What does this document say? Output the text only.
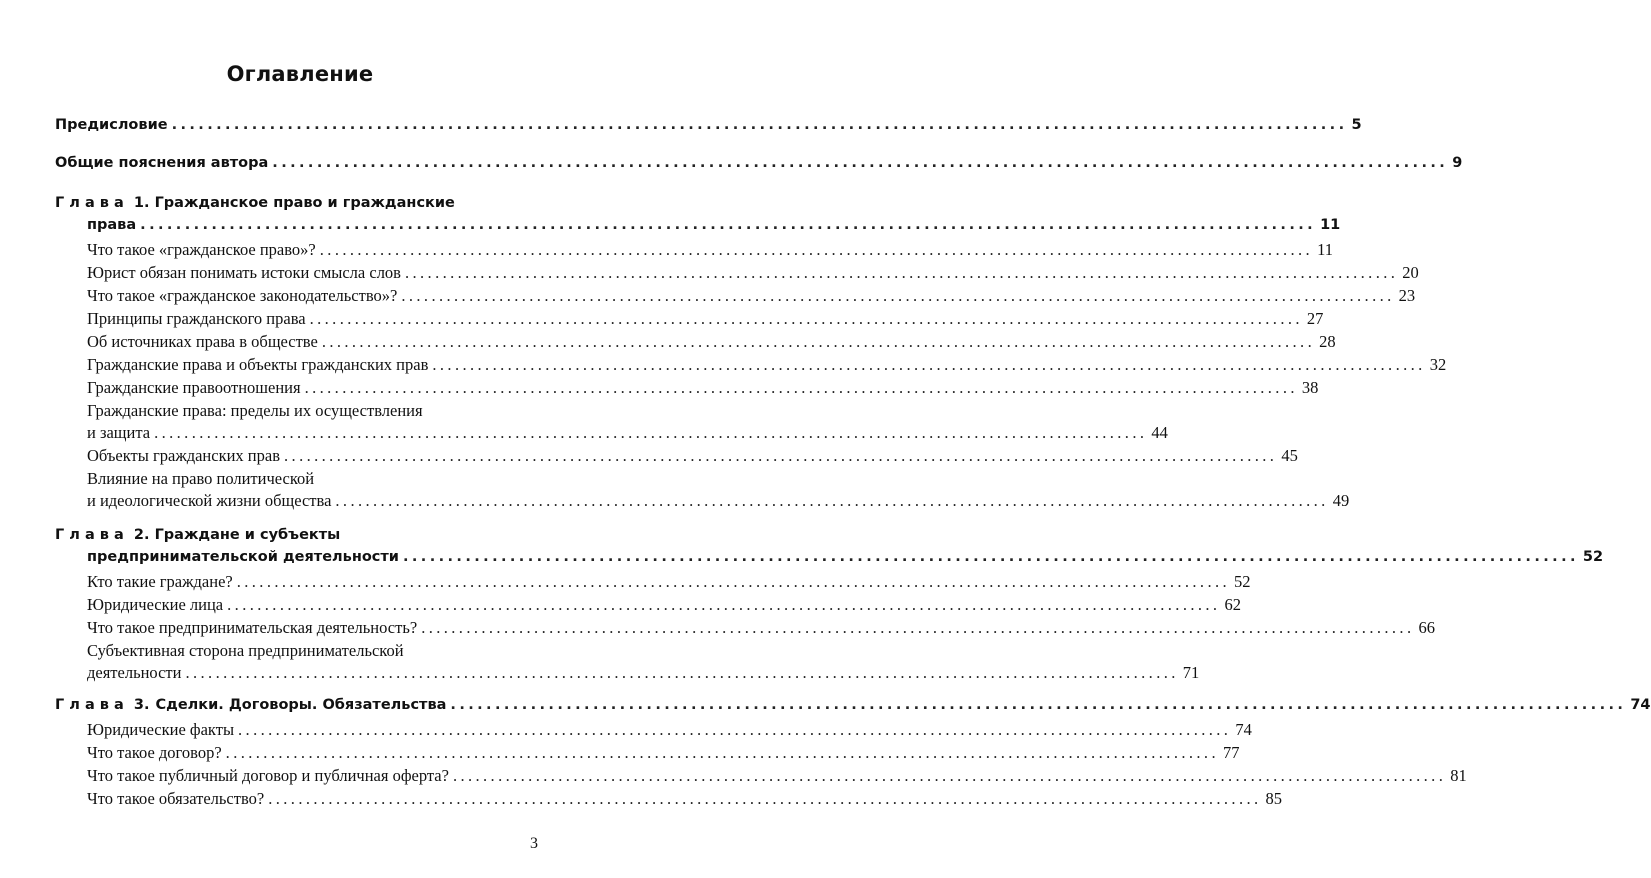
Оглавление
Предисловие .................................................................................................................................... 5
Общие пояснения автора .................................................................................................................................... 9
Г л а в а  1. Гражданское право и гражданские
права .................................................................................................................................... 11
Что такое «гражданское право»? .................................................................................................................................... 11
Юрист обязан понимать истоки смысла слов .................................................................................................................................... 20
Что такое «гражданское законодательство»? .................................................................................................................................... 23
Принципы гражданского права .................................................................................................................................... 27
Об источниках права в обществе .................................................................................................................................... 28
Гражданские права и объекты гражданских прав .................................................................................................................................... 32
Гражданские правоотношения .................................................................................................................................... 38
Гражданские права: пределы их осуществления
и защита .................................................................................................................................... 44
Объекты гражданских прав .................................................................................................................................... 45
Влияние на право политической
и идеологической жизни общества .................................................................................................................................... 49
Г л а в а  2. Граждане и субъекты
предпринимательской деятельности .................................................................................................................................... 52
Кто такие граждане? .................................................................................................................................... 52
Юридические лица .................................................................................................................................... 62
Что такое предпринимательская деятельность? .................................................................................................................................... 66
Субъективная сторона предпринимательской
деятельности .................................................................................................................................... 71
Г л а в а  3. Сделки. Договоры. Обязательства .................................................................................................................................... 74
Юридические факты .................................................................................................................................... 74
Что такое договор? .................................................................................................................................... 77
Что такое публичный договор и публичная оферта? .................................................................................................................................... 81
Что такое обязательство? .................................................................................................................................... 85
3
